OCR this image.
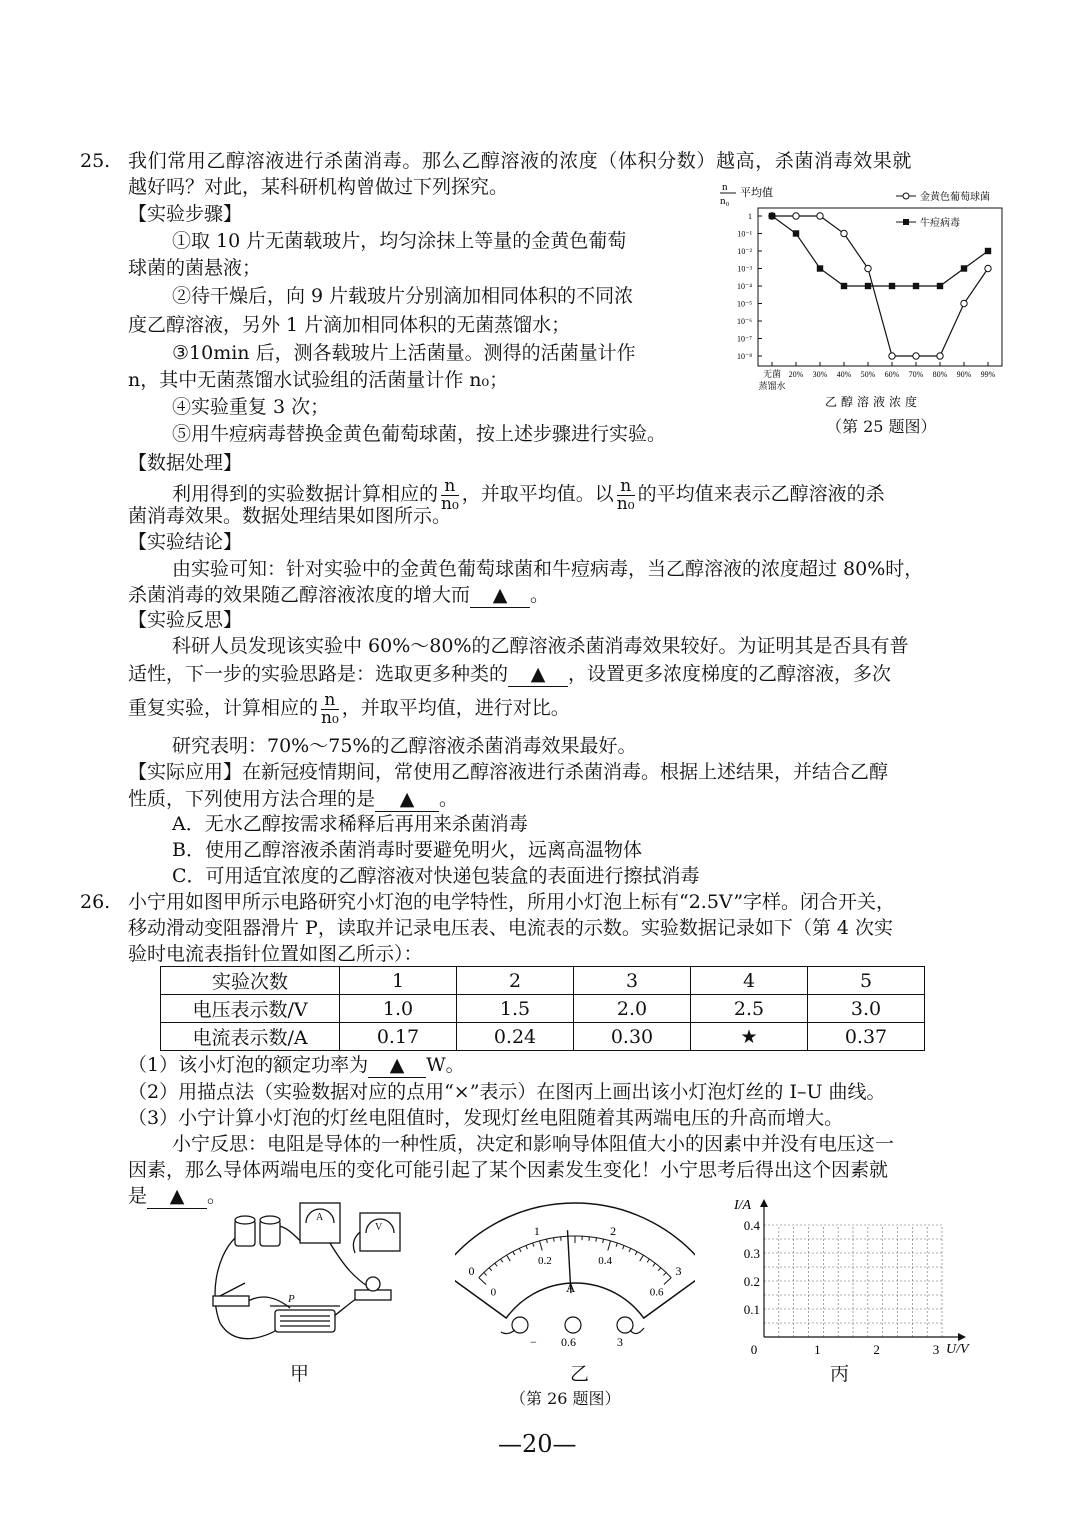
25. 我们常用乙醇溶液进行杀菌消毒。那么乙醇溶液的浓度（体积分数）越高，杀菌消毒效果就
越好吗？对此，某科研机构曾做过下列探究。
【实验步骤】
①取 10 片无菌载玻片，均匀涂抹上等量的金黄色葡萄
球菌的菌悬液；
②待干燥后，向 9 片载玻片分别滴加相同体积的不同浓
度乙醇溶液，另外 1 片滴加相同体积的无菌蒸馏水；
③10min 后，测各载玻片上活菌量。测得的活菌量计作
n，其中无菌蒸馏水试验组的活菌量计作 n₀；
④实验重复 3 次；
⑤用牛痘病毒替换金黄色葡萄球菌，按上述步骤进行实验。
【数据处理】
利用得到的实验数据计算相应的 $\frac{n}{\text{n₀}}$ ，并取平均值。以 $\frac{n}{\text{n₀}}$ 的平均值来表示乙醇溶液的杀
菌消毒效果。数据处理结果如图所示。
【实验结论】
由实验可知：针对实验中的金黄色葡萄球菌和牛痘病毒，当乙醇溶液的浓度超过 80%时，
杀菌消毒的效果随乙醇溶液浓度的增大而 ▲ 。
【实验反思】
科研人员发现该实验中 60%～80%的乙醇溶液杀菌消毒效果较好。为证明其是否具有普
适性，下一步的实验思路是：选取更多种类的 ▲ ，设置更多浓度梯度的乙醇溶液，多次
重复实验，计算相应的 $\frac{n}{\text{n₀}}$ ，并取平均值，进行对比。
研究表明：70%～75%的乙醇溶液杀菌消毒效果最好。
【实际应用】在新冠疫情期间，常使用乙醇溶液进行杀菌消毒。根据上述结果，并结合乙醇
性质，下列使用方法合理的是 ▲ 。
A．无水乙醇按需求稀释后再用来杀菌消毒
B．使用乙醇溶液杀菌消毒时要避免明火，远离高温物体
C．可用适宜浓度的乙醇溶液对快递包装盒的表面进行擦拭消毒
n
n₀
平均值
1
10⁻¹
10⁻²
10⁻³
10⁻⁴
10⁻⁵
10⁻⁶
10⁻⁷
10⁻⁸
无菌
蒸馏水
20% 30% 40% 50% 60% 70% 80% 90% 99%
金黄色葡萄球菌
牛痘病毒
乙醇溶液浓度
（第 25 题图）
26. 小宁用如图甲所示电路研究小灯泡的电学特性，所用小灯泡上标有“2.5V”字样。闭合开关，
移动滑动变阻器滑片 P，读取并记录电压表、电流表的示数。实验数据记录如下（第 4 次实
验时电流表指针位置如图乙所示）：
实验次数	1	2	3	4	5
电压表示数/V	1.0	1.5	2.0	2.5	3.0
电流表示数/A	0.17	0.24	0.30	★	0.37
（1）该小灯泡的额定功率为 ▲ W。
（2）用描点法（实验数据对应的点用“×”表示）在图丙上画出该小灯泡灯丝的 I–U 曲线。
（3）小宁计算小灯泡的灯丝电阻值时，发现灯丝电阻随着其两端电压的升高而增大。
小宁反思：电阻是导体的一种性质，决定和影响导体阻值大小的因素中并没有电压这一
因素，那么导体两端电压的变化可能引起了某个因素发生变化！小宁思考后得出这个因素就
是 ▲ 。
A
V
P
甲
0
1	2
3
0
0.2	0.4
0.6
A
− 0.6	3
乙
（第 26 题图）
I/A
U/V
0.4
0.3
0.2
0.1
0	1	2	3
丙
—20—
